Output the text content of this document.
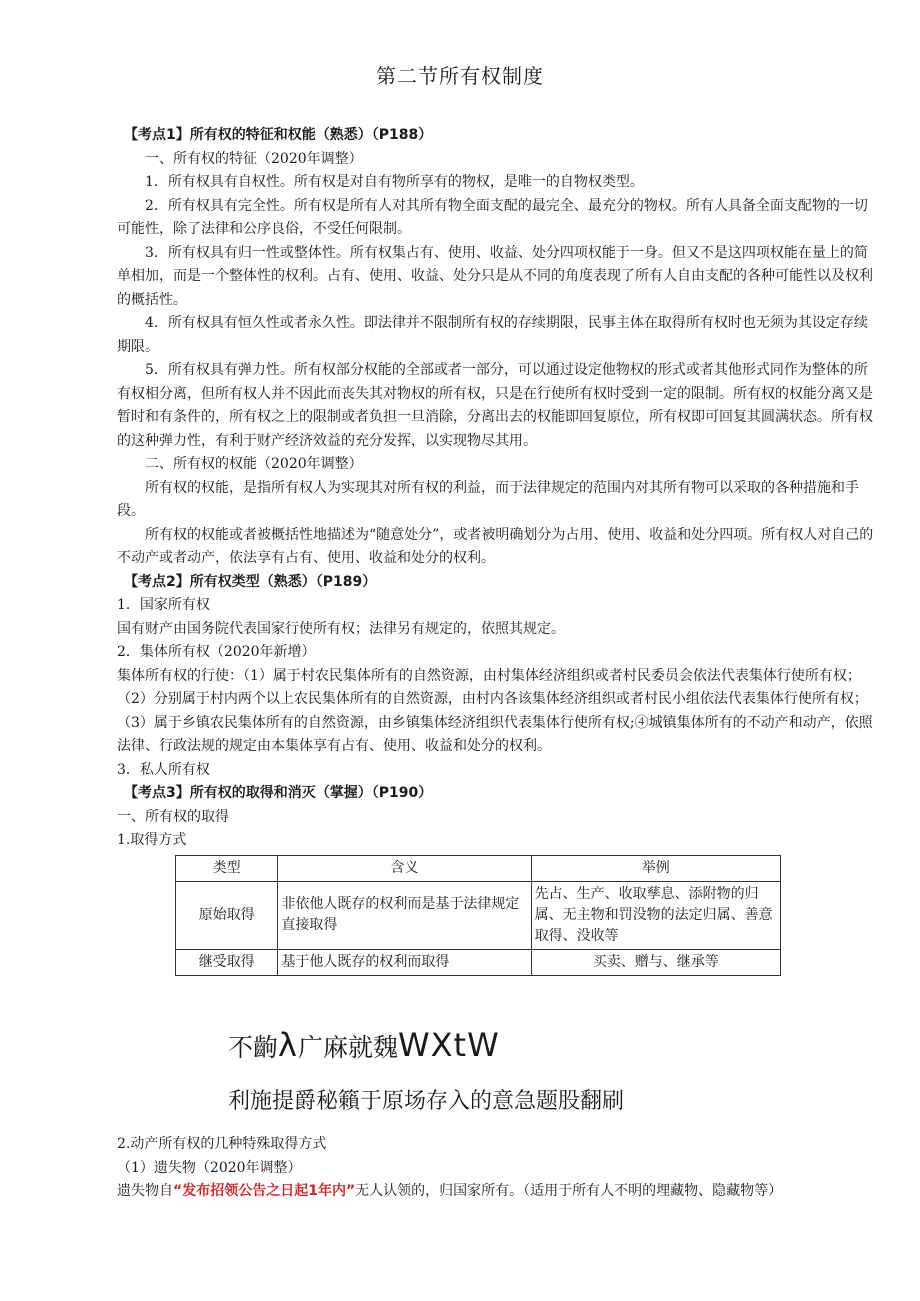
第二节所有权制度

【考点1】所有权的特征和权能（熟悉）（P188）

一、所有权的特征（2020年调整）

1．所有权具有自权性。所有权是对自有物所享有的物权，是唯一的自物权类型。

2．所有权具有完全性。所有权是所有人对其所有物全面支配的最完全、最充分的物权。所有人具备全面支配物的一切可能性，除了法律和公序良俗，不受任何限制。

3．所有权具有归一性或整体性。所有权集占有、使用、收益、处分四项权能于一身。但又不是这四项权能在量上的简单相加，而是一个整体性的权利。占有、使用、收益、处分只是从不同的角度表现了所有人自由支配的各种可能性以及权利的概括性。

4．所有权具有恒久性或者永久性。即法律并不限制所有权的存续期限，民事主体在取得所有权时也无须为其设定存续期限。

5．所有权具有弹力性。所有权部分权能的全部或者一部分，可以通过设定他物权的形式或者其他形式同作为整体的所有权相分离，但所有权人并不因此而丧失其对物权的所有权，只是在行使所有权时受到一定的限制。所有权的权能分离又是暂时和有条件的，所有权之上的限制或者负担一旦消除，分离出去的权能即回复原位，所有权即可回复其圆满状态。所有权的这种弹力性，有利于财产经济效益的充分发挥，以实现物尽其用。

二、所有权的权能（2020年调整）

所有权的权能，是指所有权人为实现其对所有权的利益，而于法律规定的范围内对其所有物可以采取的各种措施和手段。

所有权的权能或者被概括性地描述为“随意处分”，或者被明确划分为占用、使用、收益和处分四项。所有权人对自己的不动产或者动产，依法享有占有、使用、收益和处分的权利。

【考点2】所有权类型（熟悉）（P189）

1．国家所有权

国有财产由国务院代表国家行使所有权；法律另有规定的，依照其规定。

2．集体所有权（2020年新增）

集体所有权的行使：（1）属于村农民集体所有的自然资源，由村集体经济组织或者村民委员会依法代表集体行使所有权；（2）分别属于村内两个以上农民集体所有的自然资源，由村内各该集体经济组织或者村民小组依法代表集体行使所有权；（3）属于乡镇农民集体所有的自然资源，由乡镇集体经济组织代表集体行使所有权;④城镇集体所有的不动产和动产，依照法律、行政法规的规定由本集体享有占有、使用、收益和处分的权利。

3．私人所有权

【考点3】所有权的取得和消灭（掌握）（P190）

一、所有权的取得

1.取得方式

类型	含义	举例
原始取得	非依他人既存的权利而是基于法律规定直接取得	先占、生产、收取孳息、添附物的归属、无主物和罚没物的法定归属、善意取得、没收等
继受取得	基于他人既存的权利而取得	买卖、赠与、继承等
不齣λ广麻就魏WXtW
利施提爵秘籟于原场存入的意急题股翻刷

2.动产所有权的几种特殊取得方式

（1）遗失物（2020年调整）

遗失物自“发布招领公告之日起1年内”无人认领的，归国家所有。（适用于所有人不明的埋藏物、隐藏物等）
